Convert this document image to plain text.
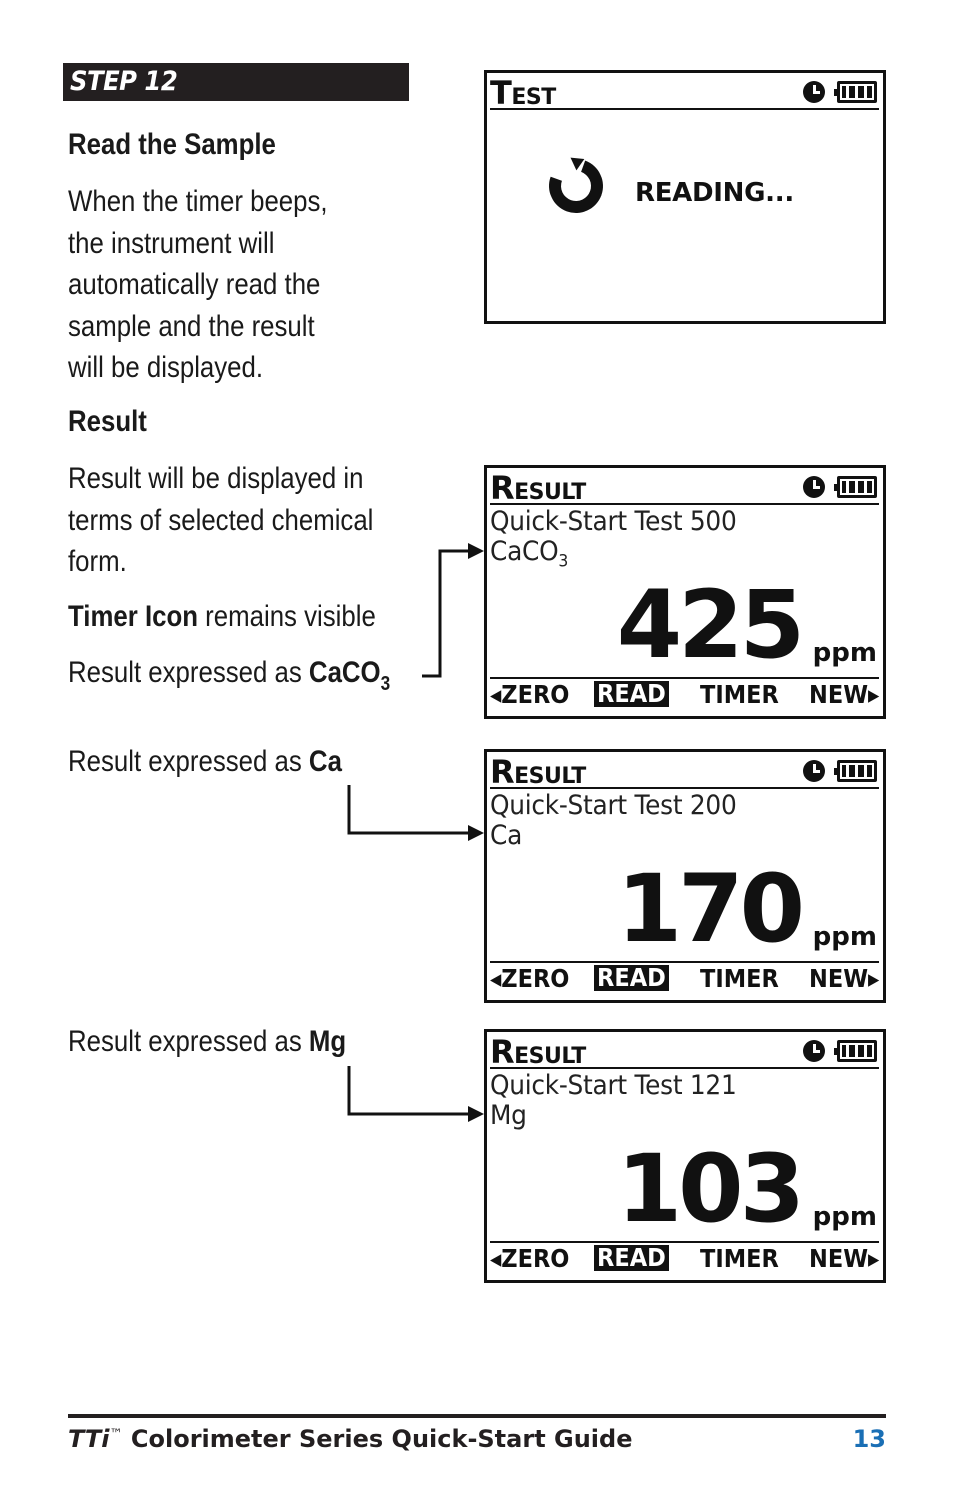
STEP 12
Read the Sample
When the timer beeps,
the instrument will
automatically read the
sample and the result
will be displayed.
Result
Result will be displayed in
terms of selected chemical
form.
Timer Icon remains visible
Result expressed as CaCO$_3$
Result expressed as Ca
Result expressed as Mg
Test
READING...
Result
Quick-Start Test 500
CaCO$_3$
425 ppm
◂ZERO READ TIMER NEW▸
Result
Quick-Start Test 200
Ca
170 ppm
◂ZERO READ TIMER NEW▸
Result
Quick-Start Test 121
Mg
103 ppm
◂ZERO READ TIMER NEW▸
TTi™ Colorimeter Series Quick-Start Guide	13
